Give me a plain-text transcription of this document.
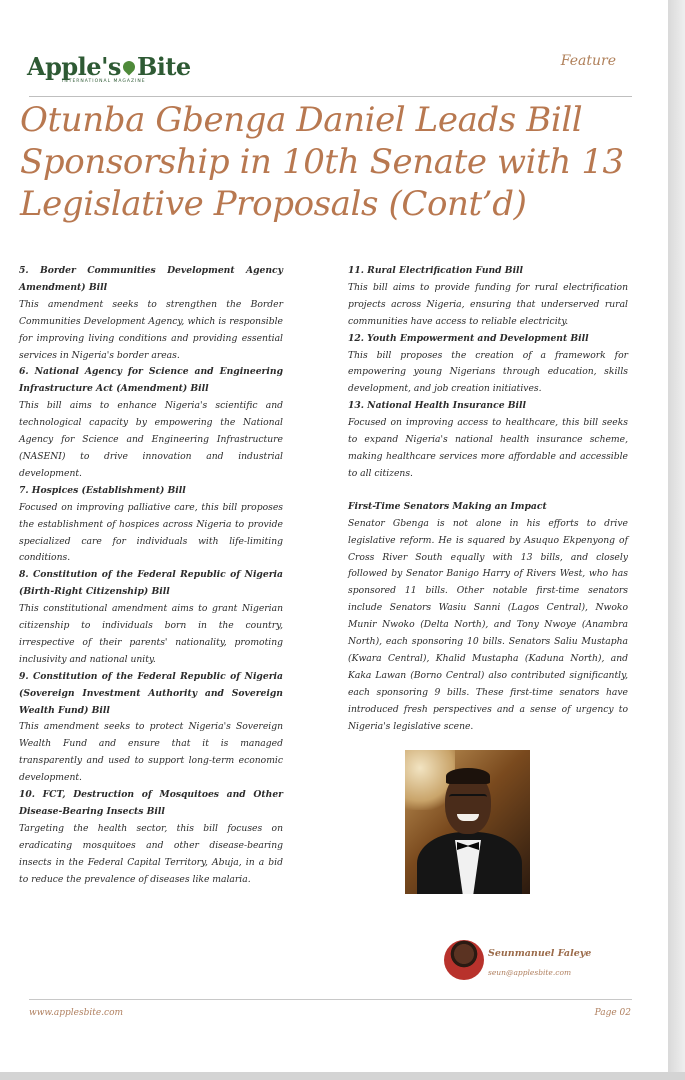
Apple's Bite
INTERNATIONAL MAGAZINE
Feature
Otunba Gbenga Daniel Leads Bill Sponsorship in 10th Senate with 13 Legislative Proposals (Cont’d)

5. Border Communities Development Agency Amendment) Bill

This amendment seeks to strengthen the Border Communities Development Agency, which is responsible for improving living conditions and providing essential services in Nigeria's border areas.

6. National Agency for Science and Engineering Infrastructure Act (Amendment) Bill

This bill aims to enhance Nigeria's scientific and technological capacity by empowering the National Agency for Science and Engineering Infrastructure (NASENI) to drive innovation and industrial development.

7. Hospices (Establishment) Bill

Focused on improving palliative care, this bill proposes the establishment of hospices across Nigeria to provide specialized care for individuals with life-limiting conditions.

8. Constitution of the Federal Republic of Nigeria (Birth-Right Citizenship) Bill

This constitutional amendment aims to grant Nigerian citizenship to individuals born in the country, irrespective of their parents' nationality, promoting inclusivity and national unity.

9. Constitution of the Federal Republic of Nigeria (Sovereign Investment Authority and Sovereign Wealth Fund) Bill

This amendment seeks to protect Nigeria's Sovereign Wealth Fund and ensure that it is managed transparently and used to support long-term economic development.

10. FCT, Destruction of Mosquitoes and Other Disease-Bearing Insects Bill

Targeting the health sector, this bill focuses on eradicating mosquitoes and other disease-bearing insects in the Federal Capital Territory, Abuja, in a bid to reduce the prevalence of diseases like malaria.

11. Rural Electrification Fund Bill

This bill aims to provide funding for rural electrification projects across Nigeria, ensuring that underserved rural communities have access to reliable electricity.

12. Youth Empowerment and Development Bill

This bill proposes the creation of a framework for empowering young Nigerians through education, skills development, and job creation initiatives.

13. National Health Insurance Bill

Focused on improving access to healthcare, this bill seeks to expand Nigeria's national health insurance scheme, making healthcare services more affordable and accessible to all citizens.

First-Time Senators Making an Impact

Senator Gbenga is not alone in his efforts to drive legislative reform. He is squared by Asuquo Ekpenyong of Cross River South equally with 13 bills, and closely followed by Senator Banigo Harry of Rivers West, who has sponsored 11 bills. Other notable first-time senators include Senators Wasiu Sanni (Lagos Central), Nwoko Munir Nwoko (Delta North), and Tony Nwoye (Anambra North), each sponsoring 10 bills. Senators Saliu Mustapha (Kwara Central), Khalid Mustapha (Kaduna North), and Kaka Lawan (Borno Central) also contributed significantly, each sponsoring 9 bills. These first-time senators have introduced fresh perspectives and a sense of urgency to Nigeria's legislative scene.

Seunmanuel Faleye
seun@applesbite.com
www.applesbite.com	Page 02
